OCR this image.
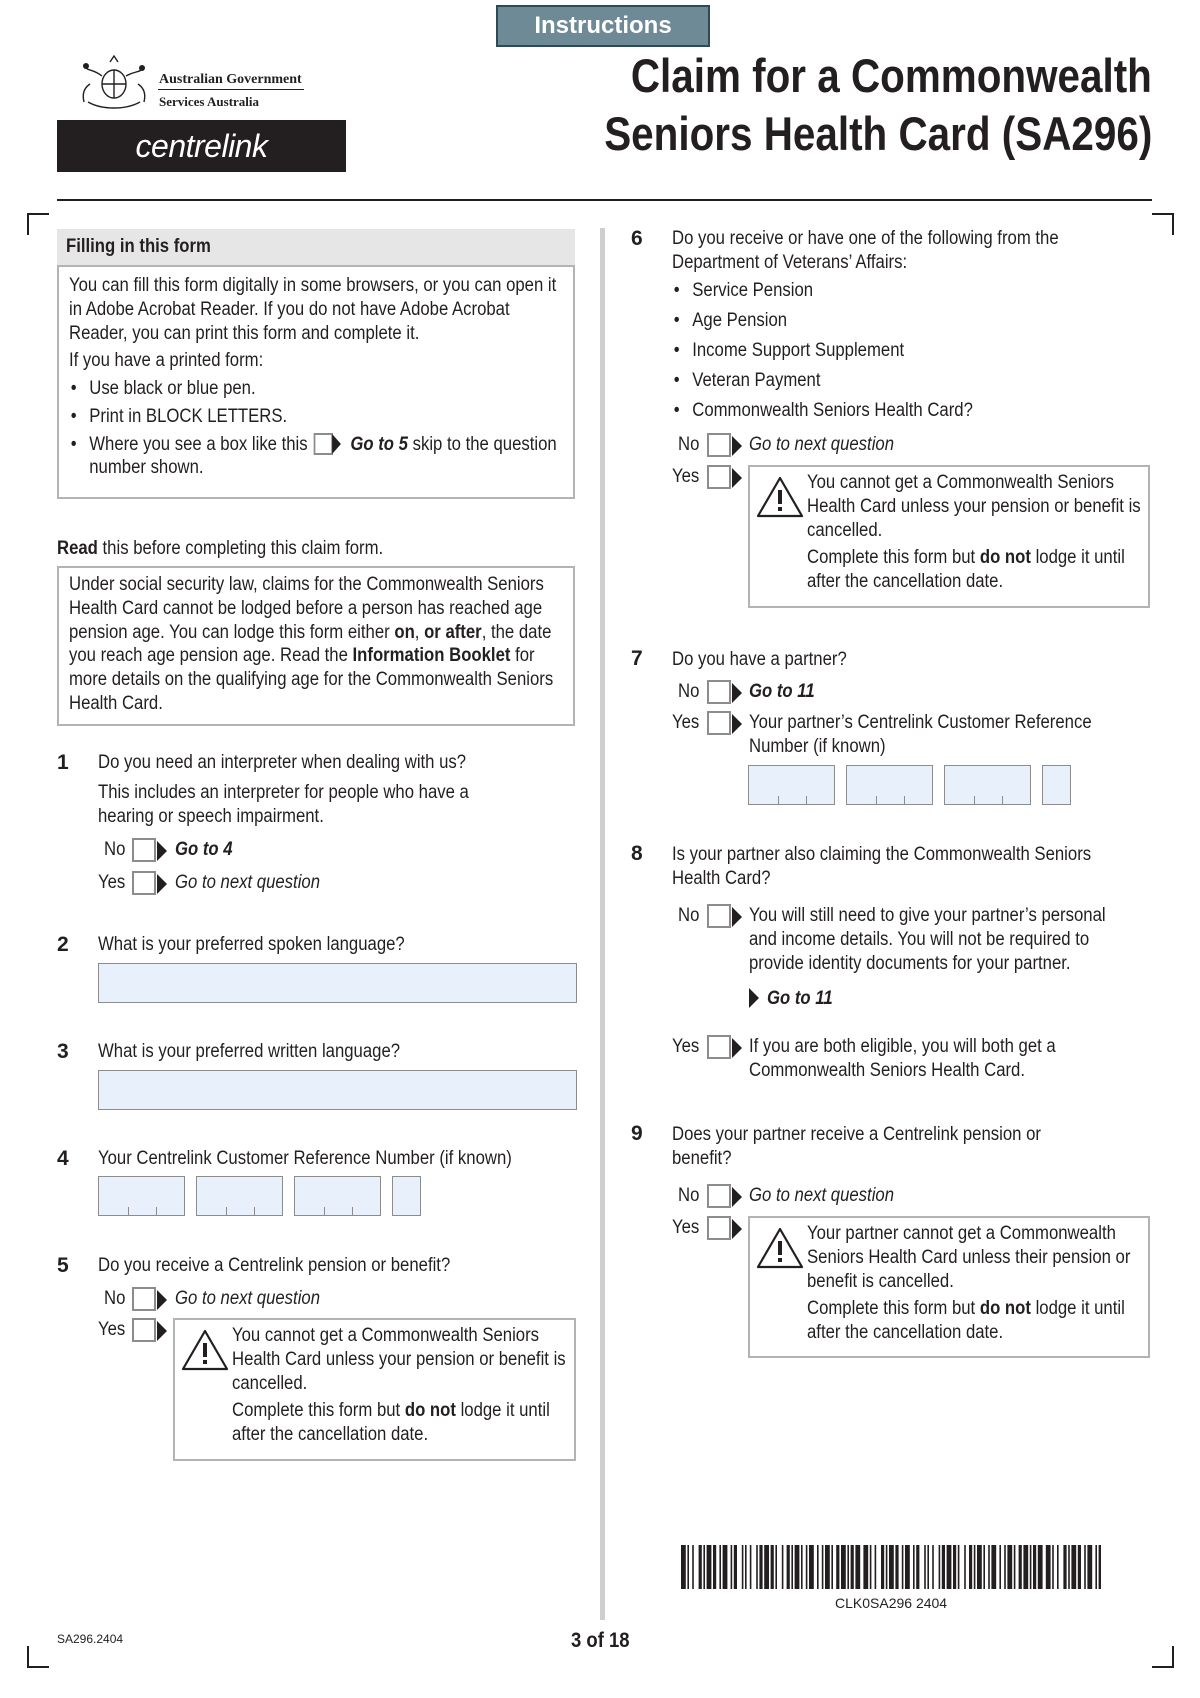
Instructions
Australian Government
Services Australia
centrelink
Claim for a Commonwealth
Seniors Health Card (SA296)
Filling in this form

You can fill this form digitally in some browsers, or you can open it in Adobe Acrobat Reader. If you do not have Adobe Acrobat Reader, you can print this form and complete it.

If you have a printed form:

• Use black or blue pen.

• Print in BLOCK LETTERS.

• Where you see a box like this Go to 5 skip to the question number shown.

Read this before completing this claim form.
Under social security law, claims for the Commonwealth Seniors Health Card cannot be lodged before a person has reached age pension age. You can lodge this form either on, or after, the date you reach age pension age. Read the Information Booklet for more details on the qualifying age for the Commonwealth Seniors Health Card.
1 Do you need an interpreter when dealing with us?
This includes an interpreter for people who have a hearing or speech impairment.
No	Go to 4
Yes	Go to next question
2 What is your preferred spoken language?
3 What is your preferred written language?
4 Your Centrelink Customer Reference Number (if known)
5 Do you receive a Centrelink pension or benefit?
No	Go to next question
Yes	You cannot get a Commonwealth Seniors Health Card unless your pension or benefit is cancelled.

Complete this form but do not lodge it until after the cancellation date.

6 Do you receive or have one of the following from the Department of Veterans’ Affairs:
• Service Pension
• Age Pension
• Income Support Supplement
• Veteran Payment
• Commonwealth Seniors Health Card?
No	Go to next question
Yes	You cannot get a Commonwealth Seniors Health Card unless your pension or benefit is cancelled.

Complete this form but do not lodge it until after the cancellation date.

7 Do you have a partner?
No	Go to 11
Yes	Your partner’s Centrelink Customer Reference Number (if known)
8 Is your partner also claiming the Commonwealth Seniors Health Card?
No	You will still need to give your partner’s personal and income details. You will not be required to provide identity documents for your partner.
Go to 11
Yes	If you are both eligible, you will both get a Commonwealth Seniors Health Card.
9 Does your partner receive a Centrelink pension or benefit?
No	Go to next question
Yes	Your partner cannot get a Commonwealth Seniors Health Card unless their pension or benefit is cancelled.

Complete this form but do not lodge it until after the cancellation date.

CLK0SA296 2404
SA296.2404	3 of 18
